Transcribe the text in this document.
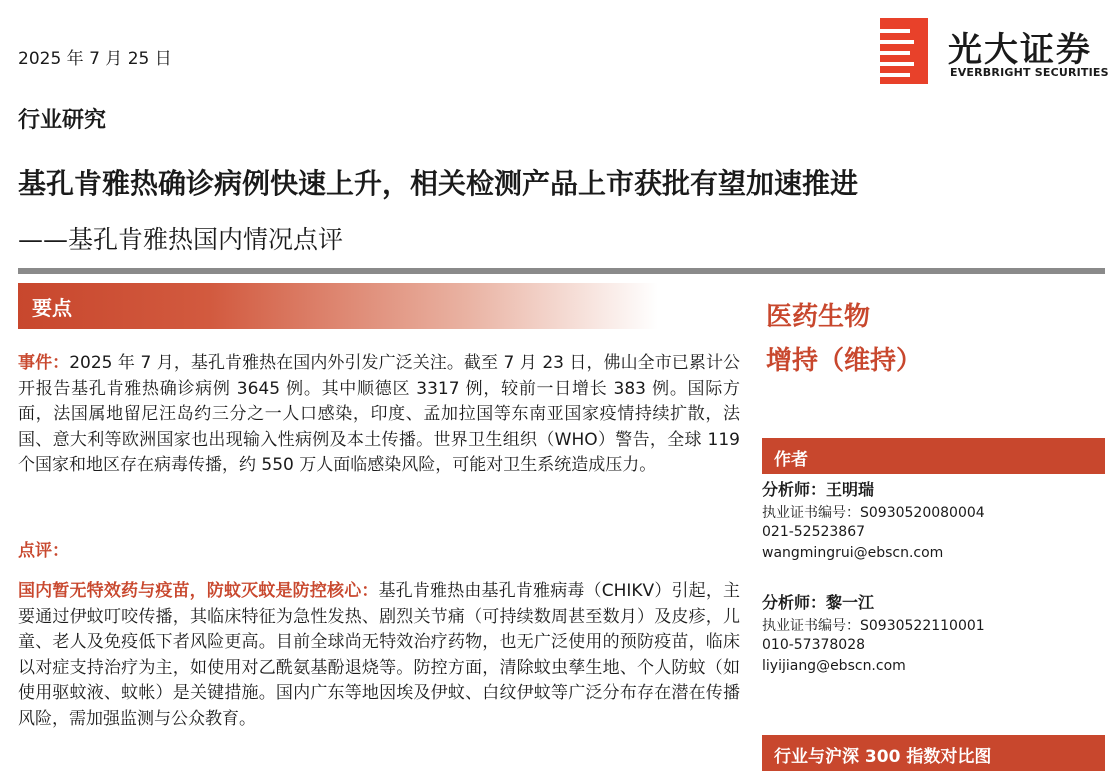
2025 年 7 月 25 日	光大证券
EVERBRIGHT SECURITIES
行业研究
基孔肯雅热确诊病例快速上升，相关检测产品上市获批有望加速推进
——基孔肯雅热国内情况点评
要点
事件：2025 年 7 月，基孔肯雅热在国内外引发广泛关注。截至 7 月 23 日，佛山全市已累计公开报告基孔肯雅热确诊病例 3645 例。其中顺德区 3317 例，较前一日增长 383 例。国际方面，法国属地留尼汪岛约三分之一人口感染，印度、孟加拉国等东南亚国家疫情持续扩散，法国、意大利等欧洲国家也出现输入性病例及本土传播。世界卫生组织（WHO）警告，全球 119 个国家和地区存在病毒传播，约 550 万人面临感染风险，可能对卫生系统造成压力。
点评：
国内暂无特效药与疫苗，防蚊灭蚊是防控核心：基孔肯雅热由基孔肯雅病毒（CHIKV）引起，主要通过伊蚊叮咬传播，其临床特征为急性发热、剧烈关节痛（可持续数周甚至数月）及皮疹，儿童、老人及免疫低下者风险更高。目前全球尚无特效治疗药物，也无广泛使用的预防疫苗，临床以对症支持治疗为主，如使用对乙酰氨基酚退烧等。防控方面，清除蚊虫孳生地、个人防蚊（如使用驱蚊液、蚊帐）是关键措施。国内广东等地因埃及伊蚊、白纹伊蚊等广泛分布存在潜在传播风险，需加强监测与公众教育。
医药生物
增持（维持）
作者
分析师：王明瑞
执业证书编号：S0930520080004
021-52523867
wangmingrui@ebscn.com
分析师：黎一江
执业证书编号：S0930522110001
010-57378028
liyijiang@ebscn.com
行业与沪深 300 指数对比图
